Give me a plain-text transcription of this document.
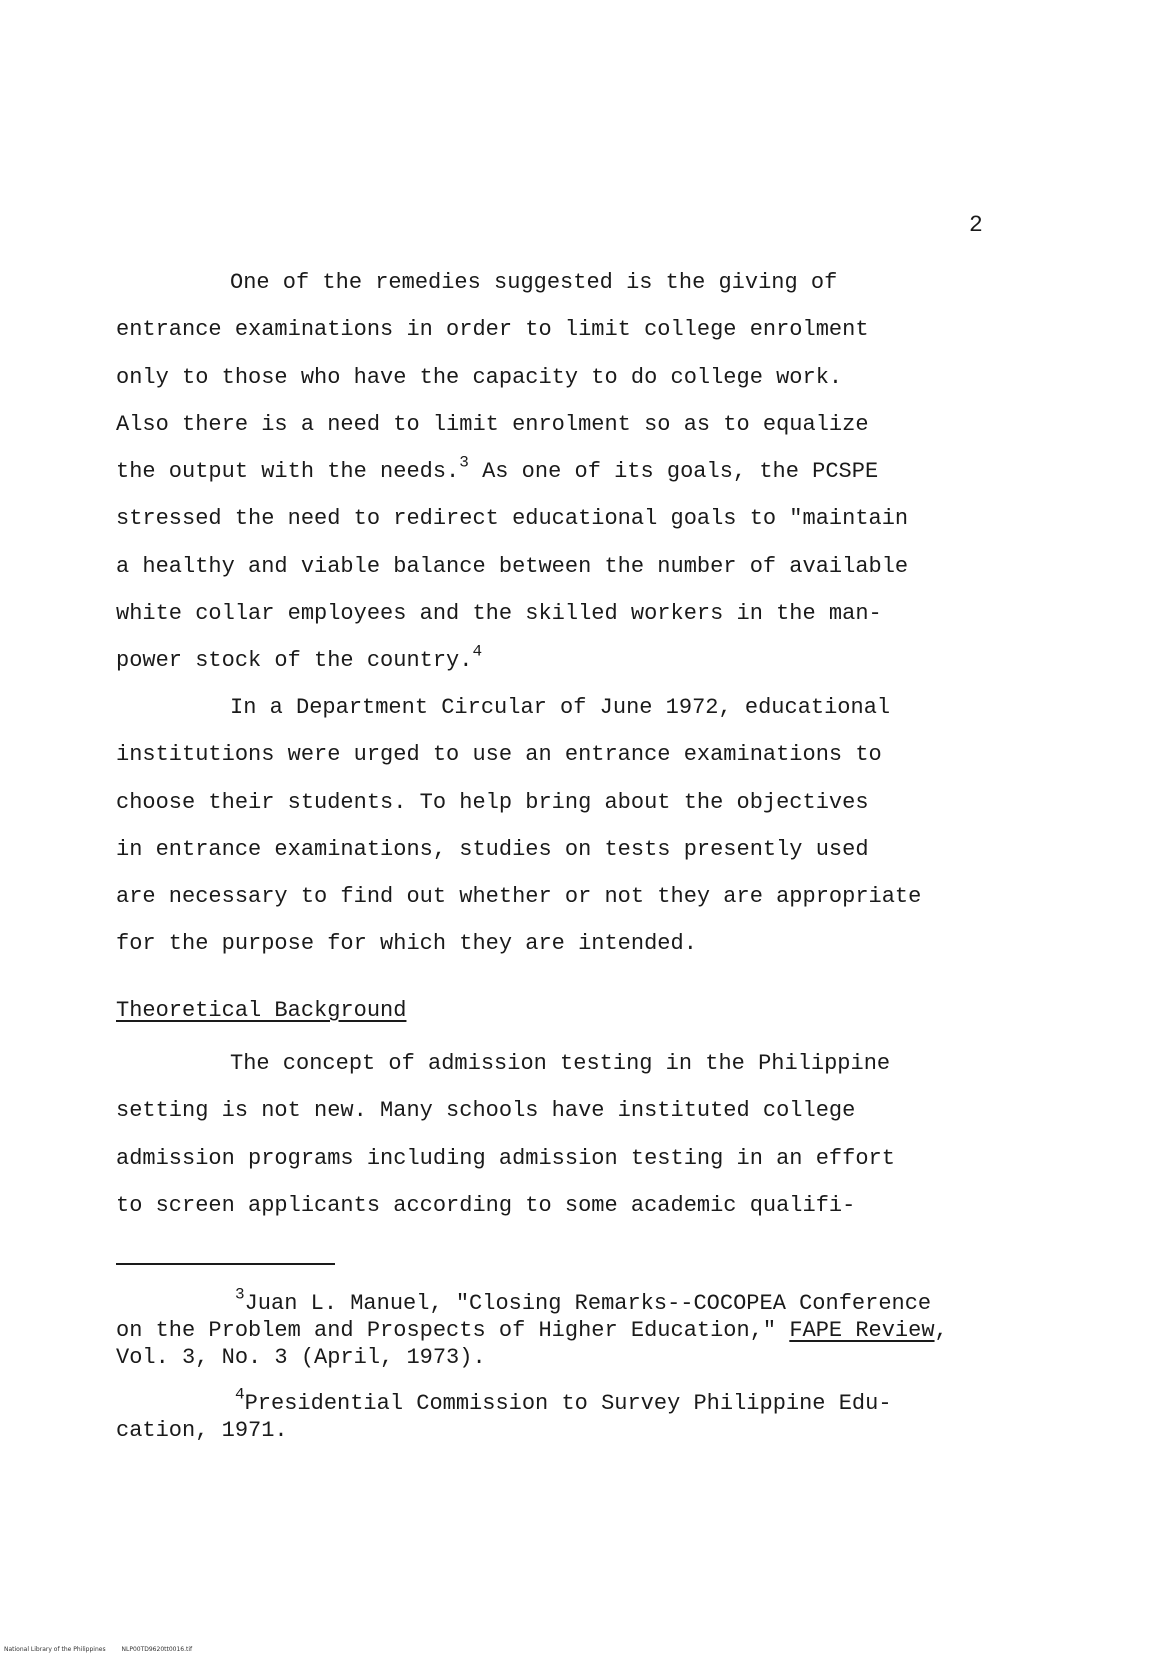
2
One of the remedies suggested is the giving of
entrance examinations in order to limit college enrolment
only to those who have the capacity to do college work.
Also there is a need to limit enrolment so as to equalize
the output with the needs.$^3$ As one of its goals, the PCSPE
stressed the need to redirect educational goals to "maintain
a healthy and viable balance between the number of available
white collar employees and the skilled workers in the man-
power stock of the country.$^4$
In a Department Circular of June 1972, educational
institutions were urged to use an entrance examinations to
choose their students. To help bring about the objectives
in entrance examinations, studies on tests presently used
are necessary to find out whether or not they are appropriate
for the purpose for which they are intended.
Theoretical Background
The concept of admission testing in the Philippine
setting is not new. Many schools have instituted college
admission programs including admission testing in an effort
to screen applicants according to some academic qualifi-
$^3$Juan L. Manuel, "Closing Remarks--COCOPEA Conference
on the Problem and Prospects of Higher Education," FAPE Review,
Vol. 3, No. 3 (April, 1973).
$^4$Presidential Commission to Survey Philippine Edu-
cation, 1971.
National Library of the Philippines	NLP00TD9620tt0016.tif
